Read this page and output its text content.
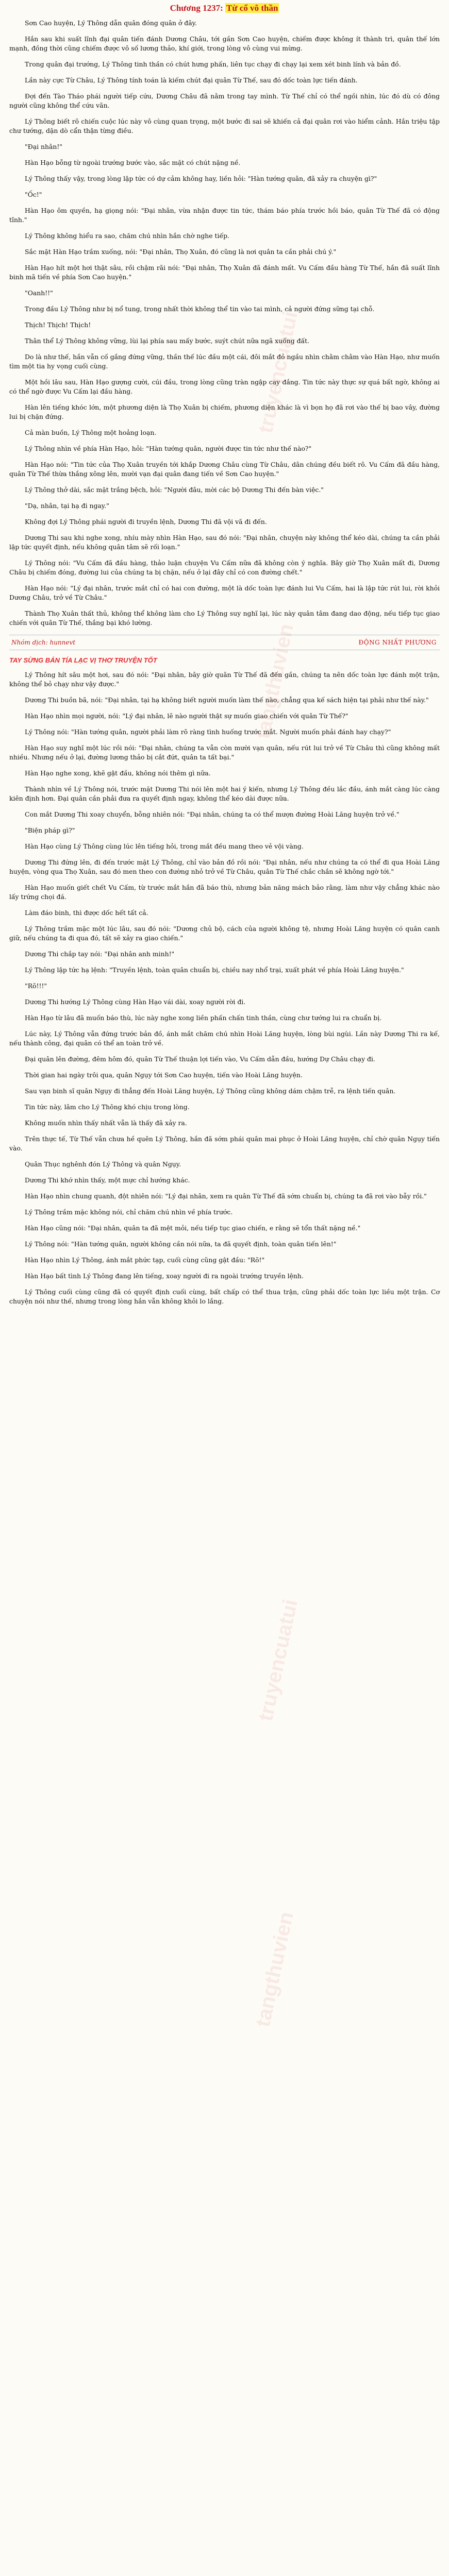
truyencuatui
tangthuvien
truyencuatui
tangthuvien
Chương 1237: Từ cổ vô thần

Sơn Cao huyện, Lý Thông dẫn quân đóng quân ở đây.

Hắn sau khi suất lĩnh đại quân tiến đánh Dương Châu, tới gần Sơn Cao huyện, chiếm được không ít thành trì, quân thế lớn mạnh, đồng thời cũng chiếm được vô số lương thảo, khí giới, trong lòng vô cùng vui mừng.

Trong quân đại trướng, Lý Thông tinh thần có chút hưng phấn, liên tục chạy đi chạy lại xem xét binh lính và bản đồ.

Lần này cực Từ Châu, Lý Thông tính toán là kiếm chút đại quân Từ Thế, sau đó dốc toàn lực tiến đánh.

Đợi đến Tào Tháo phái người tiếp cứu, Dương Châu đã nằm trong tay mình. Từ Thế chỉ có thể ngồi nhìn, lúc đó dù có đông người cũng không thể cứu vãn.

Lý Thông biết rõ chiến cuộc lúc này vô cùng quan trọng, một bước đi sai sẽ khiến cả đại quân rơi vào hiểm cảnh. Hắn triệu tập chư tướng, dặn dò cẩn thận từng điều.

"Đại nhân!"

Hàn Hạo bỗng từ ngoài trướng bước vào, sắc mặt có chút nặng nề.

Lý Thông thấy vậy, trong lòng lập tức có dự cảm không hay, liền hỏi: "Hàn tướng quân, đã xảy ra chuyện gì?"

"Ốc!"

Hàn Hạo ôm quyền, hạ giọng nói: "Đại nhân, vừa nhận được tin tức, thám báo phía trước hồi báo, quân Từ Thế đã có động tĩnh."

Lý Thông không hiểu ra sao, chăm chú nhìn hắn chờ nghe tiếp.

Sắc mặt Hàn Hạo trầm xuống, nói: "Đại nhân, Thọ Xuân, đó cũng là nơi quân ta cần phải chú ý."

Hàn Hạo hít một hơi thật sâu, rồi chậm rãi nói: "Đại nhân, Thọ Xuân đã đánh mất. Vu Cấm đầu hàng Từ Thế, hắn đã suất lĩnh binh mã tiến về phía Sơn Cao huyện."

"Oanh!!"

Trong đầu Lý Thông như bị nổ tung, trong nhất thời không thể tin vào tai mình, cả người đứng sững tại chỗ.

Thịch! Thịch! Thịch!

Thân thể Lý Thông không vững, lùi lại phía sau mấy bước, suýt chút nữa ngã xuống đất.

Do là như thế, hắn vẫn cố gắng đứng vững, thần thế lúc đầu một cái, đôi mắt đỏ ngầu nhìn chằm chằm vào Hàn Hạo, như muốn tìm một tia hy vọng cuối cùng.

Một hồi lâu sau, Hàn Hạo gượng cười, cúi đầu, trong lòng cũng tràn ngập cay đắng. Tin tức này thực sự quá bất ngờ, không ai có thể ngờ được Vu Cấm lại đầu hàng.

Hàn lên tiếng khóc lớn, một phương diện là Thọ Xuân bị chiếm, phương diện khác là vì bọn họ đã rơi vào thế bị bao vây, đường lui bị chặn đứng.

Cả màn buồn, Lý Thông một hoảng loạn.

Lý Thông nhìn về phía Hàn Hạo, hỏi: "Hàn tướng quân, người được tin tức như thế nào?"

Hàn Hạo nói: "Tin tức của Thọ Xuân truyền tới khắp Dương Châu cùng Từ Châu, dân chúng đều biết rõ. Vu Cấm đã đầu hàng, quân Từ Thế thừa thắng xông lên, mười vạn đại quân đang tiến về Sơn Cao huyện."

Lý Thông thở dài, sắc mặt trắng bệch, hỏi: "Người đâu, mời các bộ Dương Thi đến bàn việc."

"Dạ, nhân, tại hạ đi ngay."

Không đợi Lý Thông phái người đi truyền lệnh, Dương Thi đã vội vã đi đến.

Dương Thi sau khi nghe xong, nhíu mày nhìn Hàn Hạo, sau đó nói: "Đại nhân, chuyện này không thể kéo dài, chúng ta cần phải lập tức quyết định, nếu không quân tâm sẽ rối loạn."

Lý Thông nói: "Vu Cấm đã đầu hàng, thảo luận chuyện Vu Cấm nữa đã không còn ý nghĩa. Bây giờ Thọ Xuân mất đi, Dương Châu bị chiếm đóng, đường lui của chúng ta bị chặn, nếu ở lại đây chỉ có con đường chết."

Hàn Hạo nói: "Lý đại nhân, trước mắt chỉ có hai con đường, một là dốc toàn lực đánh lui Vu Cấm, hai là lập tức rút lui, rời khỏi Dương Châu, trở về Từ Châu."

Thành Thọ Xuân thất thủ, không thể không làm cho Lý Thông suy nghĩ lại, lúc này quân tâm đang dao động, nếu tiếp tục giao chiến với quân Từ Thế, thắng bại khó lường.

Nhóm dịch: hunnevt	ĐỘNG NHẤT PHƯƠNG
TAY SỪNG BÁN TÍA LẠC VỊ THƠ TRUYỆN TỐT

Lý Thông hít sâu một hơi, sau đó nói: "Đại nhân, bây giờ quân Từ Thế đã đến gần, chúng ta nên dốc toàn lực đánh một trận, không thể bỏ chạy như vậy được."

Dương Thi buồn bã, nói: "Đại nhân, tại hạ không biết người muốn làm thế nào, chẳng qua kế sách hiện tại phải như thế này."

Hàn Hạo nhìn mọi người, nói: "Lý đại nhân, lẽ nào người thật sự muốn giao chiến với quân Từ Thế?"

Lý Thông nói: "Hàn tướng quân, người phải làm rõ ràng tình huống trước mắt. Người muốn phải đánh hay chạy?"

Hàn Hạo suy nghĩ một lúc rồi nói: "Đại nhân, chúng ta vẫn còn mười vạn quân, nếu rút lui trở về Từ Châu thì cũng không mất nhiều. Nhưng nếu ở lại, đường lương thảo bị cắt đứt, quân ta tất bại."

Hàn Hạo nghe xong, khẽ gật đầu, không nói thêm gì nữa.

Thành nhìn về Lý Thông nói, trước mặt Dương Thi nói lên một hai ý kiến, nhưng Lý Thông đều lắc đầu, ánh mắt càng lúc càng kiên định hơn. Đại quân cần phải đưa ra quyết định ngay, không thể kéo dài được nữa.

Con mắt Dương Thi xoay chuyển, bỗng nhiên nói: "Đại nhân, chúng ta có thể mượn đường Hoài Lăng huyện trở về."

"Biện pháp gì?"

Hàn Hạo cùng Lý Thông cùng lúc lên tiếng hỏi, trong mắt đều mang theo vẻ vội vàng.

Dương Thi đứng lên, đi đến trước mặt Lý Thông, chỉ vào bản đồ rồi nói: "Đại nhân, nếu như chúng ta có thể đi qua Hoài Lăng huyện, vòng qua Thọ Xuân, sau đó men theo con đường nhỏ trở về Từ Châu, quân Từ Thế chắc chắn sẽ không ngờ tới."

Hàn Hạo muốn giết chết Vu Cấm, từ trước mắt hắn đã báo thù, nhưng bản năng mách bảo rằng, làm như vậy chẳng khác nào lấy trứng chọi đá.

Làm đáo binh, thì được dốc hết tất cả.

Lý Thông trầm mặc một lúc lâu, sau đó nói: "Dương chủ bộ, cách của người không tệ, nhưng Hoài Lăng huyện có quân canh giữ, nếu chúng ta đi qua đó, tất sẽ xảy ra giao chiến."

Dương Thi chắp tay nói: "Đại nhân anh minh!"

Lý Thông lập tức hạ lệnh: "Truyền lệnh, toàn quân chuẩn bị, chiều nay nhổ trại, xuất phát về phía Hoài Lăng huyện."

"Rõ!!!"

Dương Thi hướng Lý Thông cùng Hàn Hạo vái dài, xoay người rời đi.

Hàn Hạo từ lâu đã muốn báo thù, lúc này nghe xong liền phấn chấn tinh thần, cùng chư tướng lui ra chuẩn bị.

Lúc này, Lý Thông vẫn đứng trước bản đồ, ánh mắt chăm chú nhìn Hoài Lăng huyện, lòng bùi ngùi. Lần này Dương Thi ra kế, nếu thành công, đại quân có thể an toàn trở về.

Đại quân lên đường, đêm hôm đó, quân Từ Thế thuận lợi tiến vào, Vu Cấm dẫn đầu, hướng Dự Châu chạy đi.

Thời gian hai ngày trôi qua, quân Ngụy tới Sơn Cao huyện, tiến vào Hoài Lăng huyện.

Sau vạn binh sĩ quân Ngụy đi thẳng đến Hoài Lăng huyện, Lý Thông cũng không dám chậm trễ, ra lệnh tiến quân.

Tin tức này, lâm cho Lý Thông khó chịu trong lòng.

Không muốn nhìn thấy nhất vẫn là thấy đã xảy ra.

Trên thực tế, Từ Thế vẫn chưa hề quên Lý Thông, hắn đã sớm phái quân mai phục ở Hoài Lăng huyện, chỉ chờ quân Ngụy tiến vào.

Quân Thục nghênh đón Lý Thông và quân Ngụy.

Dương Thi khớ nhìn thấy, một mực chỉ hướng khác.

Hàn Hạo nhìn chung quanh, đột nhiên nói: "Lý đại nhân, xem ra quân Từ Thế đã sớm chuẩn bị, chúng ta đã rơi vào bẫy rồi."

Lý Thông trầm mặc không nói, chỉ chăm chú nhìn về phía trước.

Hàn Hạo cũng nói: "Đại nhân, quân ta đã mệt mỏi, nếu tiếp tục giao chiến, e rằng sẽ tổn thất nặng nề."

Lý Thông nói: "Hàn tướng quân, người không cần nói nữa, ta đã quyết định, toàn quân tiến lên!"

Hàn Hạo nhìn Lý Thông, ánh mắt phức tạp, cuối cùng cũng gật đầu: "Rõ!"

Hàn Hạo bất tình Lý Thông đang lên tiếng, xoay người đi ra ngoài trướng truyền lệnh.

Lý Thông cuối cùng cũng đã có quyết định cuối cùng, bất chấp có thể thua trận, cũng phải dốc toàn lực liều một trận. Cơ chuyện nói như thế, nhưng trong lòng hắn vẫn không khỏi lo lắng.
